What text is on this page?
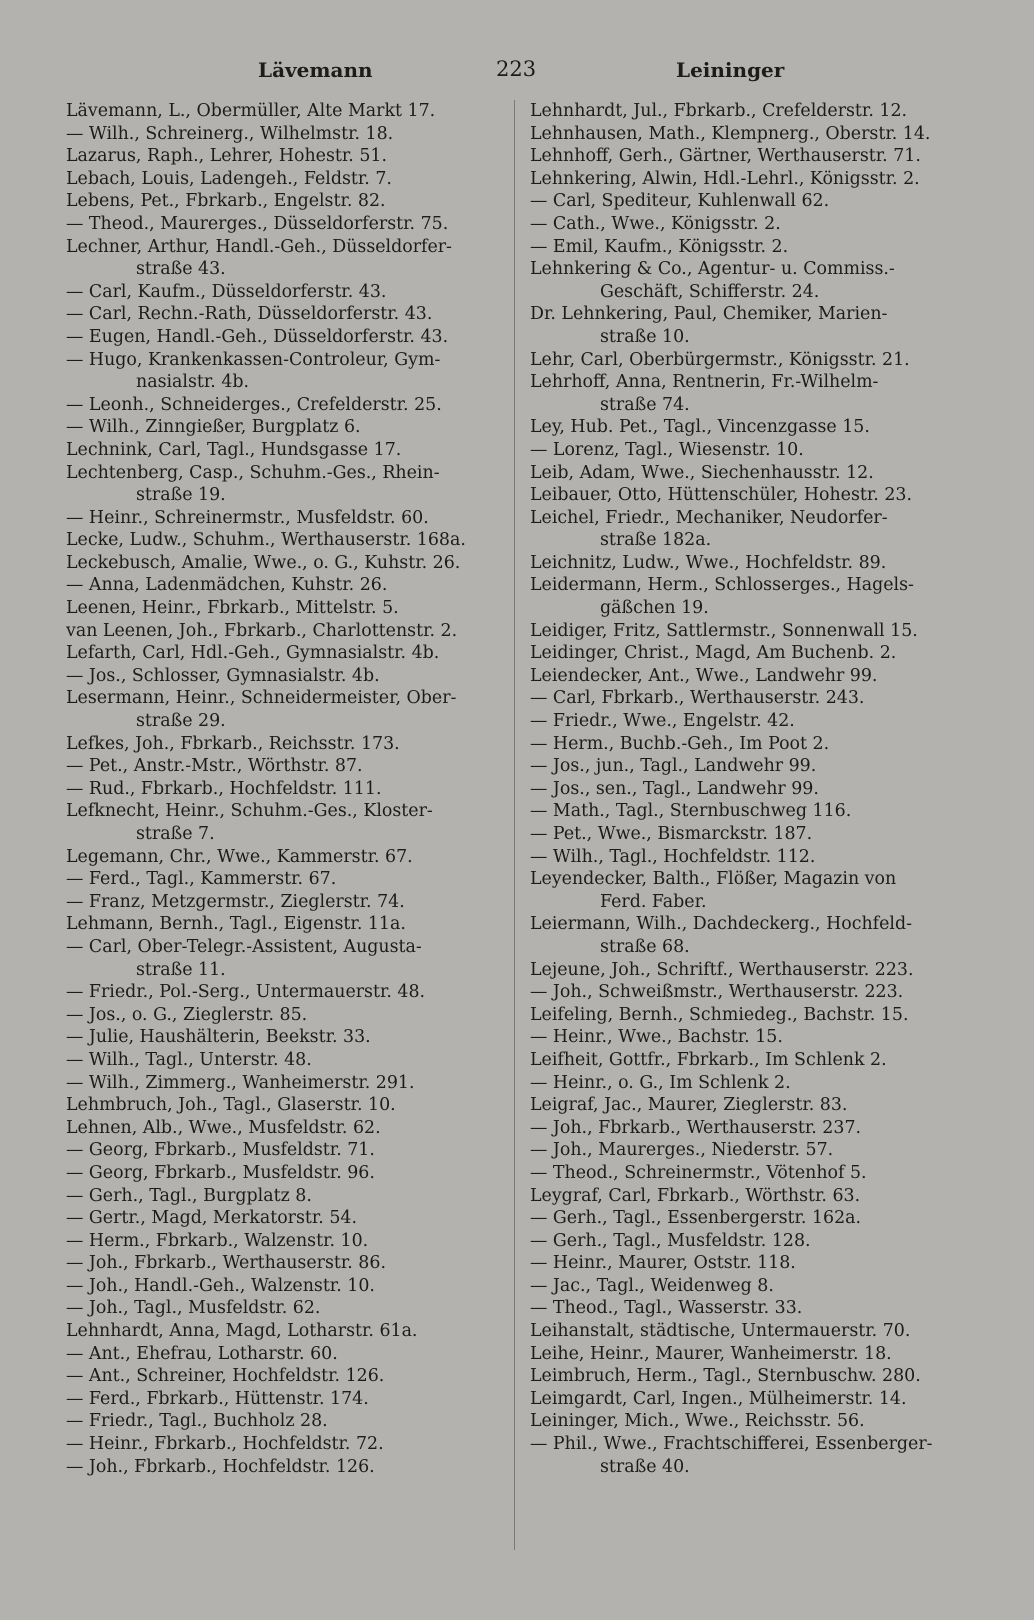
Lävemann	223	Leininger
Lävemann, L., Obermüller, Alte Markt 17.
— Wilh., Schreinerg., Wilhelmstr. 18.
Lazarus, Raph., Lehrer, Hohestr. 51.
Lebach, Louis, Ladengeh., Feldstr. 7.
Lebens, Pet., Fbrkarb., Engelstr. 82.
— Theod., Maurerges., Düsseldorferstr. 75.
Lechner, Arthur, Handl.-Geh., Düsseldorfer-
straße 43.
— Carl, Kaufm., Düsseldorferstr. 43.
— Carl, Rechn.-Rath, Düsseldorferstr. 43.
— Eugen, Handl.-Geh., Düsseldorferstr. 43.
— Hugo, Krankenkassen-Controleur, Gym-
nasialstr. 4b.
— Leonh., Schneiderges., Crefelderstr. 25.
— Wilh., Zinngießer, Burgplatz 6.
Lechnink, Carl, Tagl., Hundsgasse 17.
Lechtenberg, Casp., Schuhm.-Ges., Rhein-
straße 19.
— Heinr., Schreinermstr., Musfeldstr. 60.
Lecke, Ludw., Schuhm., Werthauserstr. 168a.
Leckebusch, Amalie, Wwe., o. G., Kuhstr. 26.
— Anna, Ladenmädchen, Kuhstr. 26.
Leenen, Heinr., Fbrkarb., Mittelstr. 5.
van Leenen, Joh., Fbrkarb., Charlottenstr. 2.
Lefarth, Carl, Hdl.-Geh., Gymnasialstr. 4b.
— Jos., Schlosser, Gymnasialstr. 4b.
Lesermann, Heinr., Schneidermeister, Ober-
straße 29.
Lefkes, Joh., Fbrkarb., Reichsstr. 173.
— Pet., Anstr.-Mstr., Wörthstr. 87.
— Rud., Fbrkarb., Hochfeldstr. 111.
Lefknecht, Heinr., Schuhm.-Ges., Kloster-
straße 7.
Legemann, Chr., Wwe., Kammerstr. 67.
— Ferd., Tagl., Kammerstr. 67.
— Franz, Metzgermstr., Zieglerstr. 74.
Lehmann, Bernh., Tagl., Eigenstr. 11a.
— Carl, Ober-Telegr.-Assistent, Augusta-
straße 11.
— Friedr., Pol.-Serg., Untermauerstr. 48.
— Jos., o. G., Zieglerstr. 85.
— Julie, Haushälterin, Beekstr. 33.
— Wilh., Tagl., Unterstr. 48.
— Wilh., Zimmerg., Wanheimerstr. 291.
Lehmbruch, Joh., Tagl., Glaserstr. 10.
Lehnen, Alb., Wwe., Musfeldstr. 62.
— Georg, Fbrkarb., Musfeldstr. 71.
— Georg, Fbrkarb., Musfeldstr. 96.
— Gerh., Tagl., Burgplatz 8.
— Gertr., Magd, Merkatorstr. 54.
— Herm., Fbrkarb., Walzenstr. 10.
— Joh., Fbrkarb., Werthauserstr. 86.
— Joh., Handl.-Geh., Walzenstr. 10.
— Joh., Tagl., Musfeldstr. 62.
Lehnhardt, Anna, Magd, Lotharstr. 61a.
— Ant., Ehefrau, Lotharstr. 60.
— Ant., Schreiner, Hochfeldstr. 126.
— Ferd., Fbrkarb., Hüttenstr. 174.
— Friedr., Tagl., Buchholz 28.
— Heinr., Fbrkarb., Hochfeldstr. 72.
— Joh., Fbrkarb., Hochfeldstr. 126.
Lehnhardt, Jul., Fbrkarb., Crefelderstr. 12.
Lehnhausen, Math., Klempnerg., Oberstr. 14.
Lehnhoff, Gerh., Gärtner, Werthauserstr. 71.
Lehnkering, Alwin, Hdl.-Lehrl., Königsstr. 2.
— Carl, Spediteur, Kuhlenwall 62.
— Cath., Wwe., Königsstr. 2.
— Emil, Kaufm., Königsstr. 2.
Lehnkering & Co., Agentur- u. Commiss.-
Geschäft, Schifferstr. 24.
Dr. Lehnkering, Paul, Chemiker, Marien-
straße 10.
Lehr, Carl, Oberbürgermstr., Königsstr. 21.
Lehrhoff, Anna, Rentnerin, Fr.-Wilhelm-
straße 74.
Ley, Hub. Pet., Tagl., Vincenzgasse 15.
— Lorenz, Tagl., Wiesenstr. 10.
Leib, Adam, Wwe., Siechenhausstr. 12.
Leibauer, Otto, Hüttenschüler, Hohestr. 23.
Leichel, Friedr., Mechaniker, Neudorfer-
straße 182a.
Leichnitz, Ludw., Wwe., Hochfeldstr. 89.
Leidermann, Herm., Schlosserges., Hagels-
gäßchen 19.
Leidiger, Fritz, Sattlermstr., Sonnenwall 15.
Leidinger, Christ., Magd, Am Buchenb. 2.
Leiendecker, Ant., Wwe., Landwehr 99.
— Carl, Fbrkarb., Werthauserstr. 243.
— Friedr., Wwe., Engelstr. 42.
— Herm., Buchb.-Geh., Im Poot 2.
— Jos., jun., Tagl., Landwehr 99.
— Jos., sen., Tagl., Landwehr 99.
— Math., Tagl., Sternbuschweg 116.
— Pet., Wwe., Bismarckstr. 187.
— Wilh., Tagl., Hochfeldstr. 112.
Leyendecker, Balth., Flößer, Magazin von
Ferd. Faber.
Leiermann, Wilh., Dachdeckerg., Hochfeld-
straße 68.
Lejeune, Joh., Schriftf., Werthauserstr. 223.
— Joh., Schweißmstr., Werthauserstr. 223.
Leifeling, Bernh., Schmiedeg., Bachstr. 15.
— Heinr., Wwe., Bachstr. 15.
Leifheit, Gottfr., Fbrkarb., Im Schlenk 2.
— Heinr., o. G., Im Schlenk 2.
Leigraf, Jac., Maurer, Zieglerstr. 83.
— Joh., Fbrkarb., Werthauserstr. 237.
— Joh., Maurerges., Niederstr. 57.
— Theod., Schreinermstr., Vötenhof 5.
Leygraf, Carl, Fbrkarb., Wörthstr. 63.
— Gerh., Tagl., Essenbergerstr. 162a.
— Gerh., Tagl., Musfeldstr. 128.
— Heinr., Maurer, Oststr. 118.
— Jac., Tagl., Weidenweg 8.
— Theod., Tagl., Wasserstr. 33.
Leihanstalt, städtische, Untermauerstr. 70.
Leihe, Heinr., Maurer, Wanheimerstr. 18.
Leimbruch, Herm., Tagl., Sternbuschw. 280.
Leimgardt, Carl, Ingen., Mülheimerstr. 14.
Leininger, Mich., Wwe., Reichsstr. 56.
— Phil., Wwe., Frachtschifferei, Essenberger-
straße 40.
